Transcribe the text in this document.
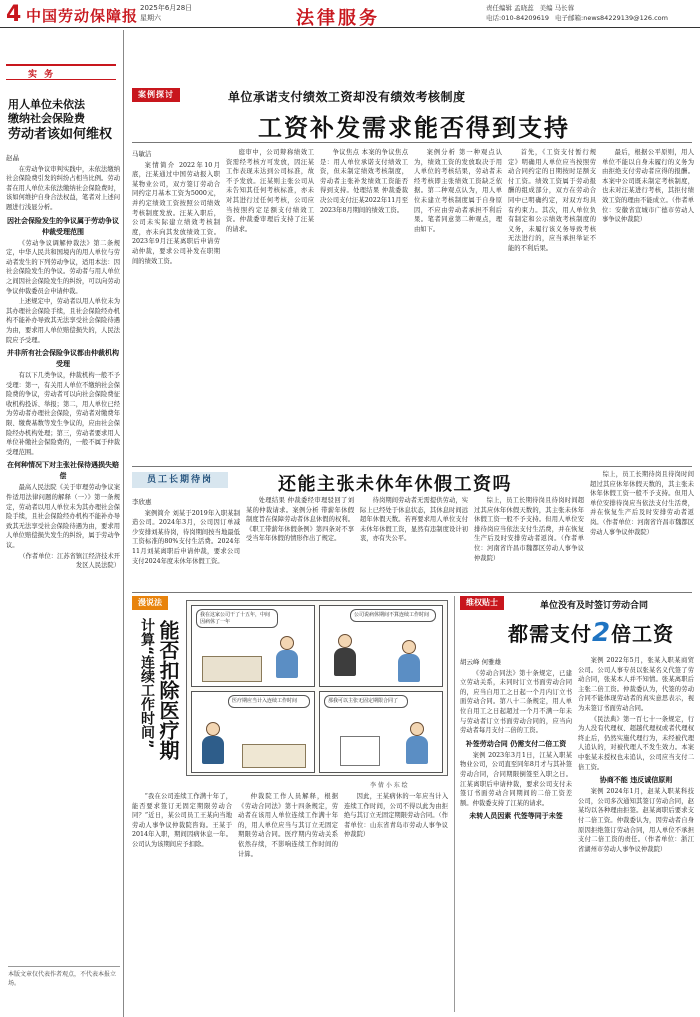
4 中国劳动保障报 2025年6月28日
星期六	法律服务	责任编辑 孟晓蕊 美编 马长蓉
电话:010-84209619 电子邮箱:news84229139@126.com
实 务
用人单位未依法
缴纳社会保险费
劳动者该如何维权

赵晶

在劳动争议审判实践中，未依法缴纳社会保险费引发的纠纷占相当比例。劳动者在用人单位未依法缴纳社会保险费时，该如何维护自身合法权益，笔者对上述问题进行浅显分析。

因社会保险发生的争议属于劳动争议仲裁受理范围

《劳动争议调解仲裁法》第二条规定，中华人民共和国境内的用人单位与劳动者发生的下列劳动争议，适用本法：因社会保险发生的争议。劳动者与用人单位之间因社会保险发生的纠纷，可以向劳动争议仲裁委员会申请仲裁。

上述规定中，劳动者以用人单位未为其办理社会保险手续，且社会保险经办机构不能补办导致其无法享受社会保险待遇为由，要求用人单位赔偿损失的，人民法院应予受理。

并非所有社会保险争议都由仲裁机构受理

有以下几类争议，仲裁机构一般不予受理：第一，有关用人单位不缴纳社会保险费的争议，劳动者可以向社会保险费征收机构投诉、举报；第二，用人单位已经为劳动者办理社会保险，劳动者对缴费年限、缴费基数等发生争议的，应由社会保险经办机构处理；第三，劳动者要求用人单位补缴社会保险费的，一般不属于仲裁受理范围。

在何种情况下对主张社保待遇损失赔偿

最高人民法院《关于审理劳动争议案件适用法律问题的解释（一）》第一条规定，劳动者以用人单位未为其办理社会保险手续，且社会保险经办机构不能补办导致其无法享受社会保险待遇为由，要求用人单位赔偿损失发生的纠纷，属于劳动争议。

（作者单位：江苏省镇江经济技术开发区人民法院）

本版文章仅代表作者观点，不代表本报立场。
案例探讨	单位承诺支付绩效工资却没有绩效考核制度
工资补发需求能否得到支持

马敏洁

案情简介 2022年10月底，汪某通过中国劳动报入职某物业公司，双方签订劳动合同约定月基本工资为5000元，并约定绩效工资按照公司绩效考核制度发放。汪某入职后，公司未实际建立绩效考核制度，亦未向其发放绩效工资。2023年9月汪某离职后申请劳动仲裁，要求公司补发在职期间的绩效工资。

庭审中，公司辩称绩效工资需经考核方可发放，因汪某工作表现未达到公司标准，故不予发放。汪某则主张公司从未告知其任何考核标准，亦未对其进行过任何考核，公司应当按照约定足额支付绩效工资。仲裁委审理后支持了汪某的请求。

争议焦点 本案的争议焦点是：用人单位承诺支付绩效工资，但未制定绩效考核制度，劳动者主张补发绩效工资能否得到支持。处理结果 仲裁委裁决公司支付汪某2022年11月至2023年8月期间的绩效工资。

案例分析 第一种观点认为，绩效工资的发放取决于用人单位的考核结果，劳动者未经考核即主张绩效工资缺乏依据。第二种观点认为，用人单位未建立考核制度属于自身原因，不应由劳动者承担不利后果。笔者同意第二种观点，理由如下。

首先，《工资支付暂行规定》明确用人单位应当按照劳动合同约定的日期按时足额支付工资。绩效工资属于劳动报酬的组成部分，双方在劳动合同中已明确约定，对双方均具有约束力。其次，用人单位负有制定和公示绩效考核制度的义务，未履行该义务导致考核无法进行的，应当承担举证不能的不利后果。

最后，根据公平原则，用人单位不能以自身未履行的义务为由拒绝支付劳动者应得的报酬。本案中公司既未制定考核制度，也未对汪某进行考核，其拒付绩效工资的理由不能成立。（作者单位：安徽省宣城市广德市劳动人事争议仲裁院）

员工长期待岗	还能主张未休年休假工资吗

李欣惠

案例简介 刘某于2019年入职某制造公司。2024年3月，公司因订单减少安排刘某待岗，待岗期间按当地最低工资标准的80%支付生活费。2024年11月刘某离职后申请仲裁，要求公司支付2024年度未休年休假工资。

处理结果 仲裁委经审理驳回了刘某的仲裁请求。案例分析 带薪年休假制度旨在保障劳动者休息休假的权利。《职工带薪年休假条例》第四条对不享受当年年休假的情形作出了规定。

待岗期间劳动者无需提供劳动，实际上已经处于休息状态，其休息时间远超年休假天数。若再要求用人单位支付未休年休假工资，显然有违制度设计初衷，亦有失公平。

综上，员工长期待岗且待岗时间超过其应休年休假天数的，其主张未休年休假工资一般不予支持。但用人单位安排待岗应当依法支付生活费，并在恢复生产后及时安排劳动者返岗。（作者单位：河南省许昌市魏都区劳动人事争议仲裁院）

综上，员工长期待岗且待岗时间超过其应休年休假天数的，其主张未休年休假工资一般不予支持。但用人单位安排待岗应当依法支付生活费，并在恢复生产后及时安排劳动者返岗。（作者单位：河南省许昌市魏都区劳动人事争议仲裁院）

漫说法
计算“连续工作时间” 能否扣除医疗期
我在这家公司干了十五年，中间因病休了一年
公司说病休期间不算连续工作时间
医疗期应当计入连续工作时间	那我可以主张无固定期限合同了
李 倩 小 东 绘

“我在公司连续工作满十年了，能否要求签订无固定期限劳动合同？”近日，某公司员工王某向当地劳动人事争议仲裁院咨询。王某于2014年入职，期间因病休息一年。公司认为该期间应予扣除。

仲裁院工作人员解释，根据《劳动合同法》第十四条规定，劳动者在该用人单位连续工作满十年的，用人单位应当与其订立无固定期限劳动合同。医疗期内劳动关系依然存续，不影响连续工作时间的计算。

因此，王某病休的一年应当计入连续工作时间，公司不得以此为由拒绝与其订立无固定期限劳动合同。（作者单位：山东省青岛市劳动人事争议仲裁院）

维权贴士	单位没有及时签订劳动合同
都需支付2倍工资

胡云峰 何雅雄

《劳动合同法》第十条规定，已建立劳动关系，未同时订立书面劳动合同的，应当自用工之日起一个月内订立书面劳动合同。第八十二条规定，用人单位自用工之日起超过一个月不满一年未与劳动者订立书面劳动合同的，应当向劳动者每月支付二倍的工资。

补签劳动合同 仍需支付二倍工资

案例 2023年3月1日，江某入职某物业公司，公司直至同年8月才与其补签劳动合同，合同期限倒签至入职之日。江某离职后申请仲裁，要求公司支付未签订书面劳动合同期间的二倍工资差额。仲裁委支持了江某的请求。

未转人员因素 代签等同于未签

案例 2022年5月，张某入职某商贸公司。公司人事专员以张某名义代签了劳动合同，张某本人并不知情。张某离职后主张二倍工资。仲裁委认为，代签的劳动合同不能体现劳动者的真实意思表示，视为未签订书面劳动合同。

《民法典》第一百七十一条规定，行为人没有代理权、超越代理权或者代理权终止后，仍然实施代理行为，未经被代理人追认的，对被代理人不发生效力。本案中张某未授权也未追认，公司应当支付二倍工资。

协商不能 违反诚信原则

案例 2024年1月，赵某入职某科技公司，公司多次通知其签订劳动合同，赵某均以各种理由拒签。赵某离职后要求支付二倍工资。仲裁委认为，因劳动者自身原因拒绝签订劳动合同，用人单位不承担支付二倍工资的责任。（作者单位：浙江省湖州市劳动人事争议仲裁院）
